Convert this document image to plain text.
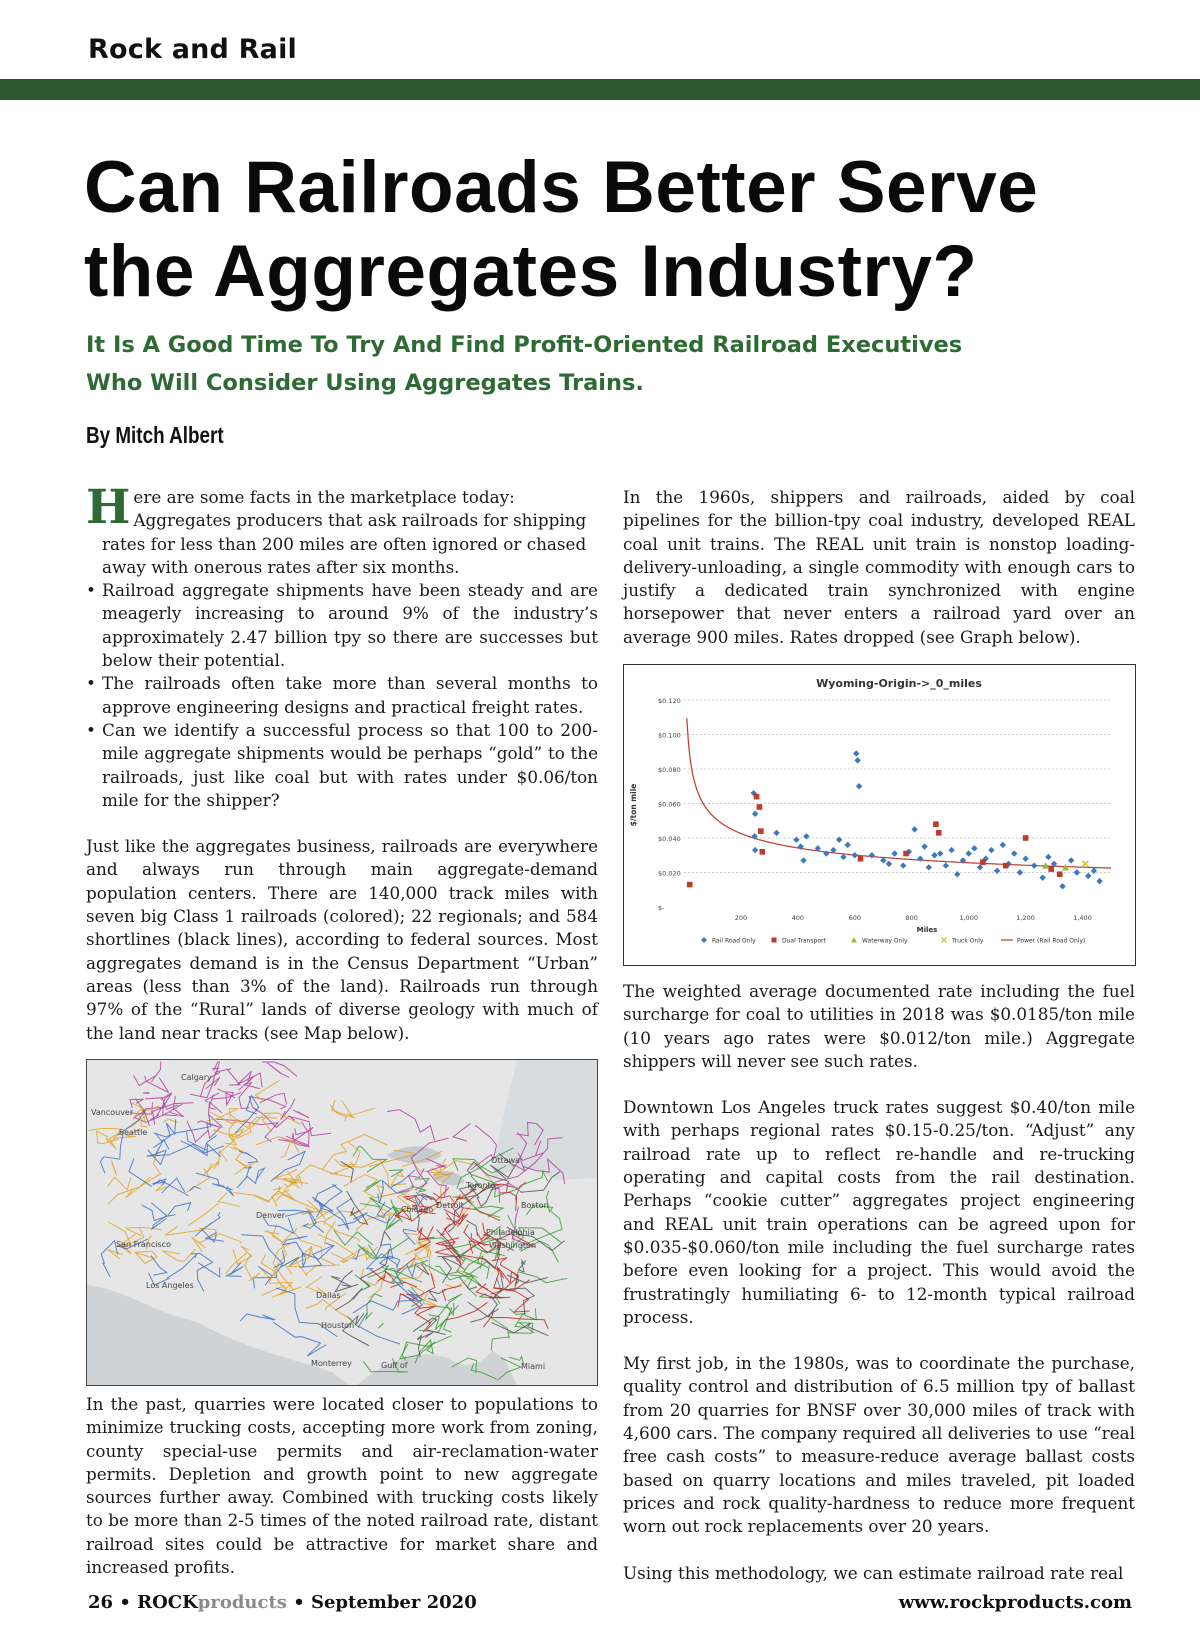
Rock and Rail
Can Railroads Better Serve
the Aggregates Industry?
It Is A Good Time To Try And Find Profit-Oriented Railroad Executives
Who Will Consider Using Aggregates Trains.
By Mitch Albert
Here are some facts in the marketplace today:

Aggregates producers that ask railroads for shipping rates for less than 200 miles are often ignored or chased away with onerous rates after six months.
• Railroad aggregate shipments have been steady and are meagerly increasing to around 9% of the industry’s approximately 2.47 billion tpy so there are successes but below their potential.
• The railroads often take more than several months to approve engineering designs and practical freight rates.
• Can we identify a successful process so that 100 to 200-mile aggregate shipments would be perhaps “gold” to the railroads, just like coal but with rates under $0.06/ton mile for the shipper?

Just like the aggregates business, railroads are everywhere and always run through main aggregate-demand population centers. There are 140,000 track miles with seven big Class 1 railroads (colored); 22 regionals; and 584 shortlines (black lines), according to federal sources. Most aggregates demand is in the Census Department “Urban” areas (less than 3% of the land). Railroads run through 97% of the “Rural” lands of diverse geology with much of the land near tracks (see Map below).

Calgary
Vancouver
Seattle
Ottawa
Toronto
Chicago Detroit	Boston
Denver
Philadelphia
Washington
San Francisco
Los Angeles
Dallas
Houston
Monterrey	Gulf of	Miami

In the past, quarries were located closer to populations to minimize trucking costs, accepting more work from zoning, county special-use permits and air-reclamation-water permits. Depletion and growth point to new aggregate sources further away. Combined with trucking costs likely to be more than 2-5 times of the noted railroad rate, distant railroad sites could be attractive for market share and increased profits.

In the 1960s, shippers and railroads, aided by coal pipelines for the billion-tpy coal industry, developed REAL coal unit trains. The REAL unit train is nonstop loading-delivery-unloading, a single commodity with enough cars to justify a dedicated train synchronized with engine horsepower that never enters a railroad yard over an average 900 miles. Rates dropped (see Graph below).

Wyoming-Origin->_0_miles
$-
$0.020
$0.040
$0.060
$0.080
$0.100
$0.120
200	400	600	800	1,000	1,200	1,400
$/ton mile
Miles
Rail Road Only	Dual Transport	Waterway Only	Truck Only	Power (Rail Road Only)

The weighted average documented rate including the fuel surcharge for coal to utilities in 2018 was $0.0185/ton mile (10 years ago rates were $0.012/ton mile.) Aggregate shippers will never see such rates.

Downtown Los Angeles truck rates suggest $0.40/ton mile with perhaps regional rates $0.15-0.25/ton. “Adjust” any railroad rate up to reflect re-handle and re-trucking operating and capital costs from the rail destination. Perhaps “cookie cutter” aggregates project engineering and REAL unit train operations can be agreed upon for $0.035-$0.060/ton mile including the fuel surcharge rates before even looking for a project. This would avoid the frustratingly humiliating 6- to 12-month typical railroad process.

My first job, in the 1980s, was to coordinate the purchase, quality control and distribution of 6.5 million tpy of ballast from 20 quarries for BNSF over 30,000 miles of track with 4,600 cars. The company required all deliveries to use “real free cash costs” to measure-reduce average ballast costs based on quarry locations and miles traveled, pit loaded prices and rock quality-hardness to reduce more frequent worn out rock replacements over 20 years.

Using this methodology, we can estimate railroad rate real

26 • ROCKproducts • September 2020	www.rockproducts.com
